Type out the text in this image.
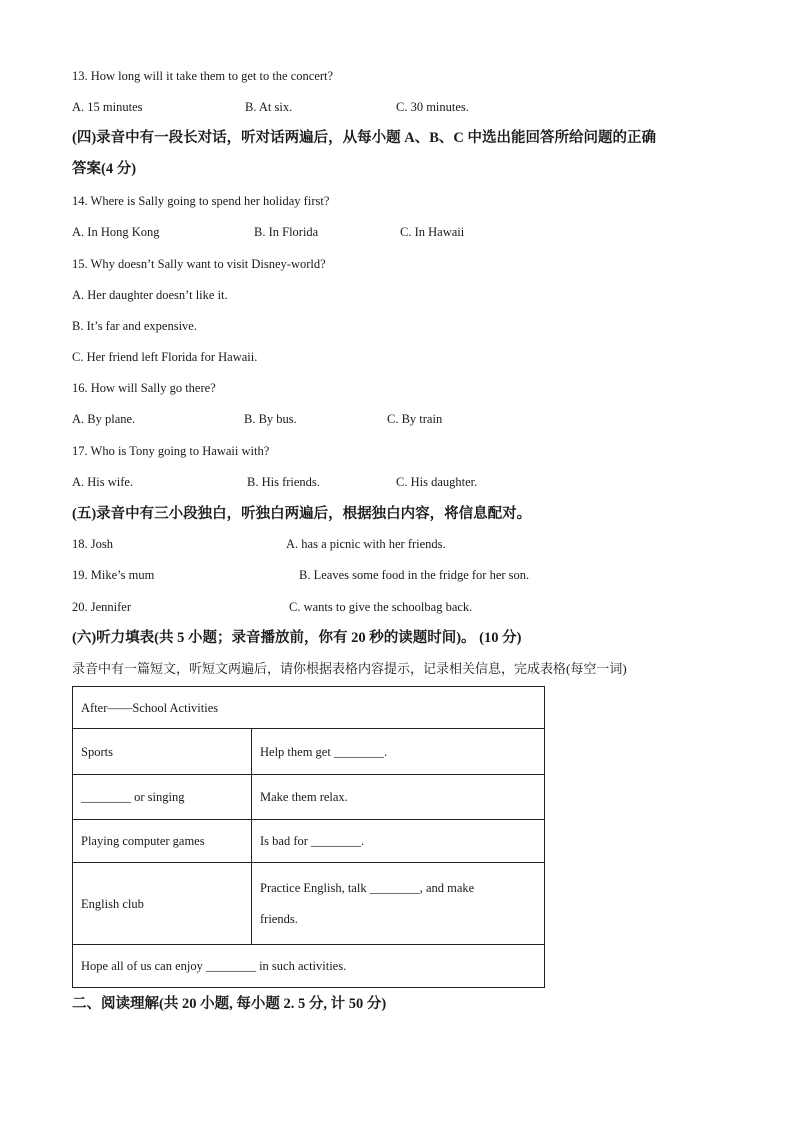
13. How long will it take them to get to the concert?
A. 15 minutes	B. At six.	C. 30 minutes.
(四)录音中有一段长对话，听对话两遍后，从每小题 A、B、C 中选出能回答所给问题的正确
答案(4 分)
14. Where is Sally going to spend her holiday first?
A. In Hong Kong	B. In Florida	C. In Hawaii
15. Why doesn’t Sally want to visit Disney-world?
A. Her daughter doesn’t like it.
B. It’s far and expensive.
C. Her friend left Florida for Hawaii.
16. How will Sally go there?
A. By plane.	B. By bus.	C. By train
17. Who is Tony going to Hawaii with?
A. His wife.	B. His friends.	C. His daughter.
(五)录音中有三小段独白，听独白两遍后，根据独白内容，将信息配对。
18. Josh	A. has a picnic with her friends.
19. Mike’s mum	B. Leaves some food in the fridge for her son.
20. Jennifer	C. wants to give the schoolbag back.
(六)听力填表(共 5 小题；录音播放前，你有 20 秒的读题时间)。 (10 分)
录音中有一篇短文，听短文两遍后，请你根据表格内容提示，记录相关信息，完成表格(每空一词)
After——School Activities	
Sports	Help them get ________.
________ or singing	Make them relax.
Playing computer games	Is bad for ________.
English club	Practice English, talk ________, and make
friends.

Hope all of us can enjoy ________ in such activities.	
二、阅读理解(共 20 小题, 每小题 2. 5 分, 计 50 分)
